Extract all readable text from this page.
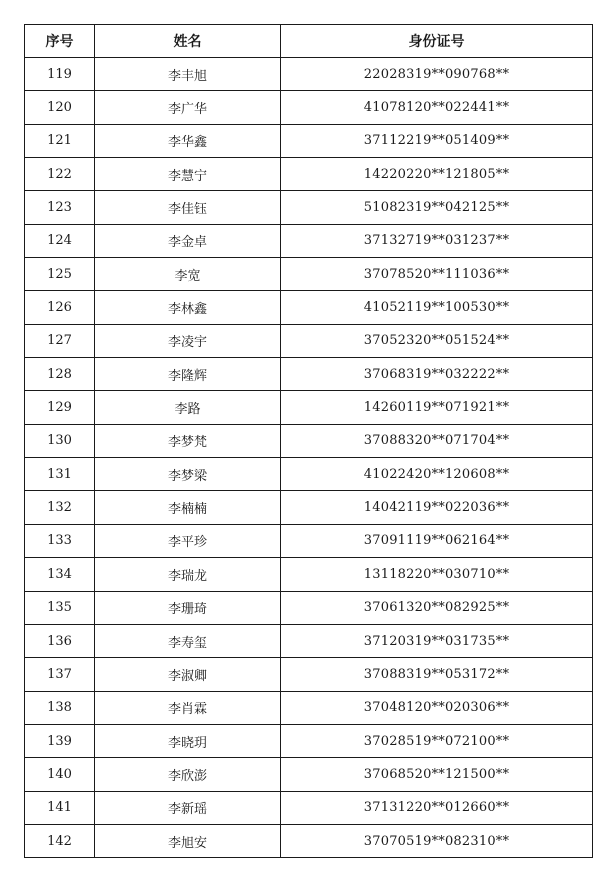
序号	姓名	身份证号
119	李丰旭	22028319**090768**
120	李广华	41078120**022441**
121	李华鑫	37112219**051409**
122	李慧宁	14220220**121805**
123	李佳钰	51082319**042125**
124	李金卓	37132719**031237**
125	李宽	37078520**111036**
126	李林鑫	41052119**100530**
127	李凌宇	37052320**051524**
128	李隆辉	37068319**032222**
129	李路	14260119**071921**
130	李梦梵	37088320**071704**
131	李梦梁	41022420**120608**
132	李楠楠	14042119**022036**
133	李平珍	37091119**062164**
134	李瑞龙	13118220**030710**
135	李珊琦	37061320**082925**
136	李寿玺	37120319**031735**
137	李淑卿	37088319**053172**
138	李肖霖	37048120**020306**
139	李晓玥	37028519**072100**
140	李欣澎	37068520**121500**
141	李新瑶	37131220**012660**
142	李旭安	37070519**082310**
